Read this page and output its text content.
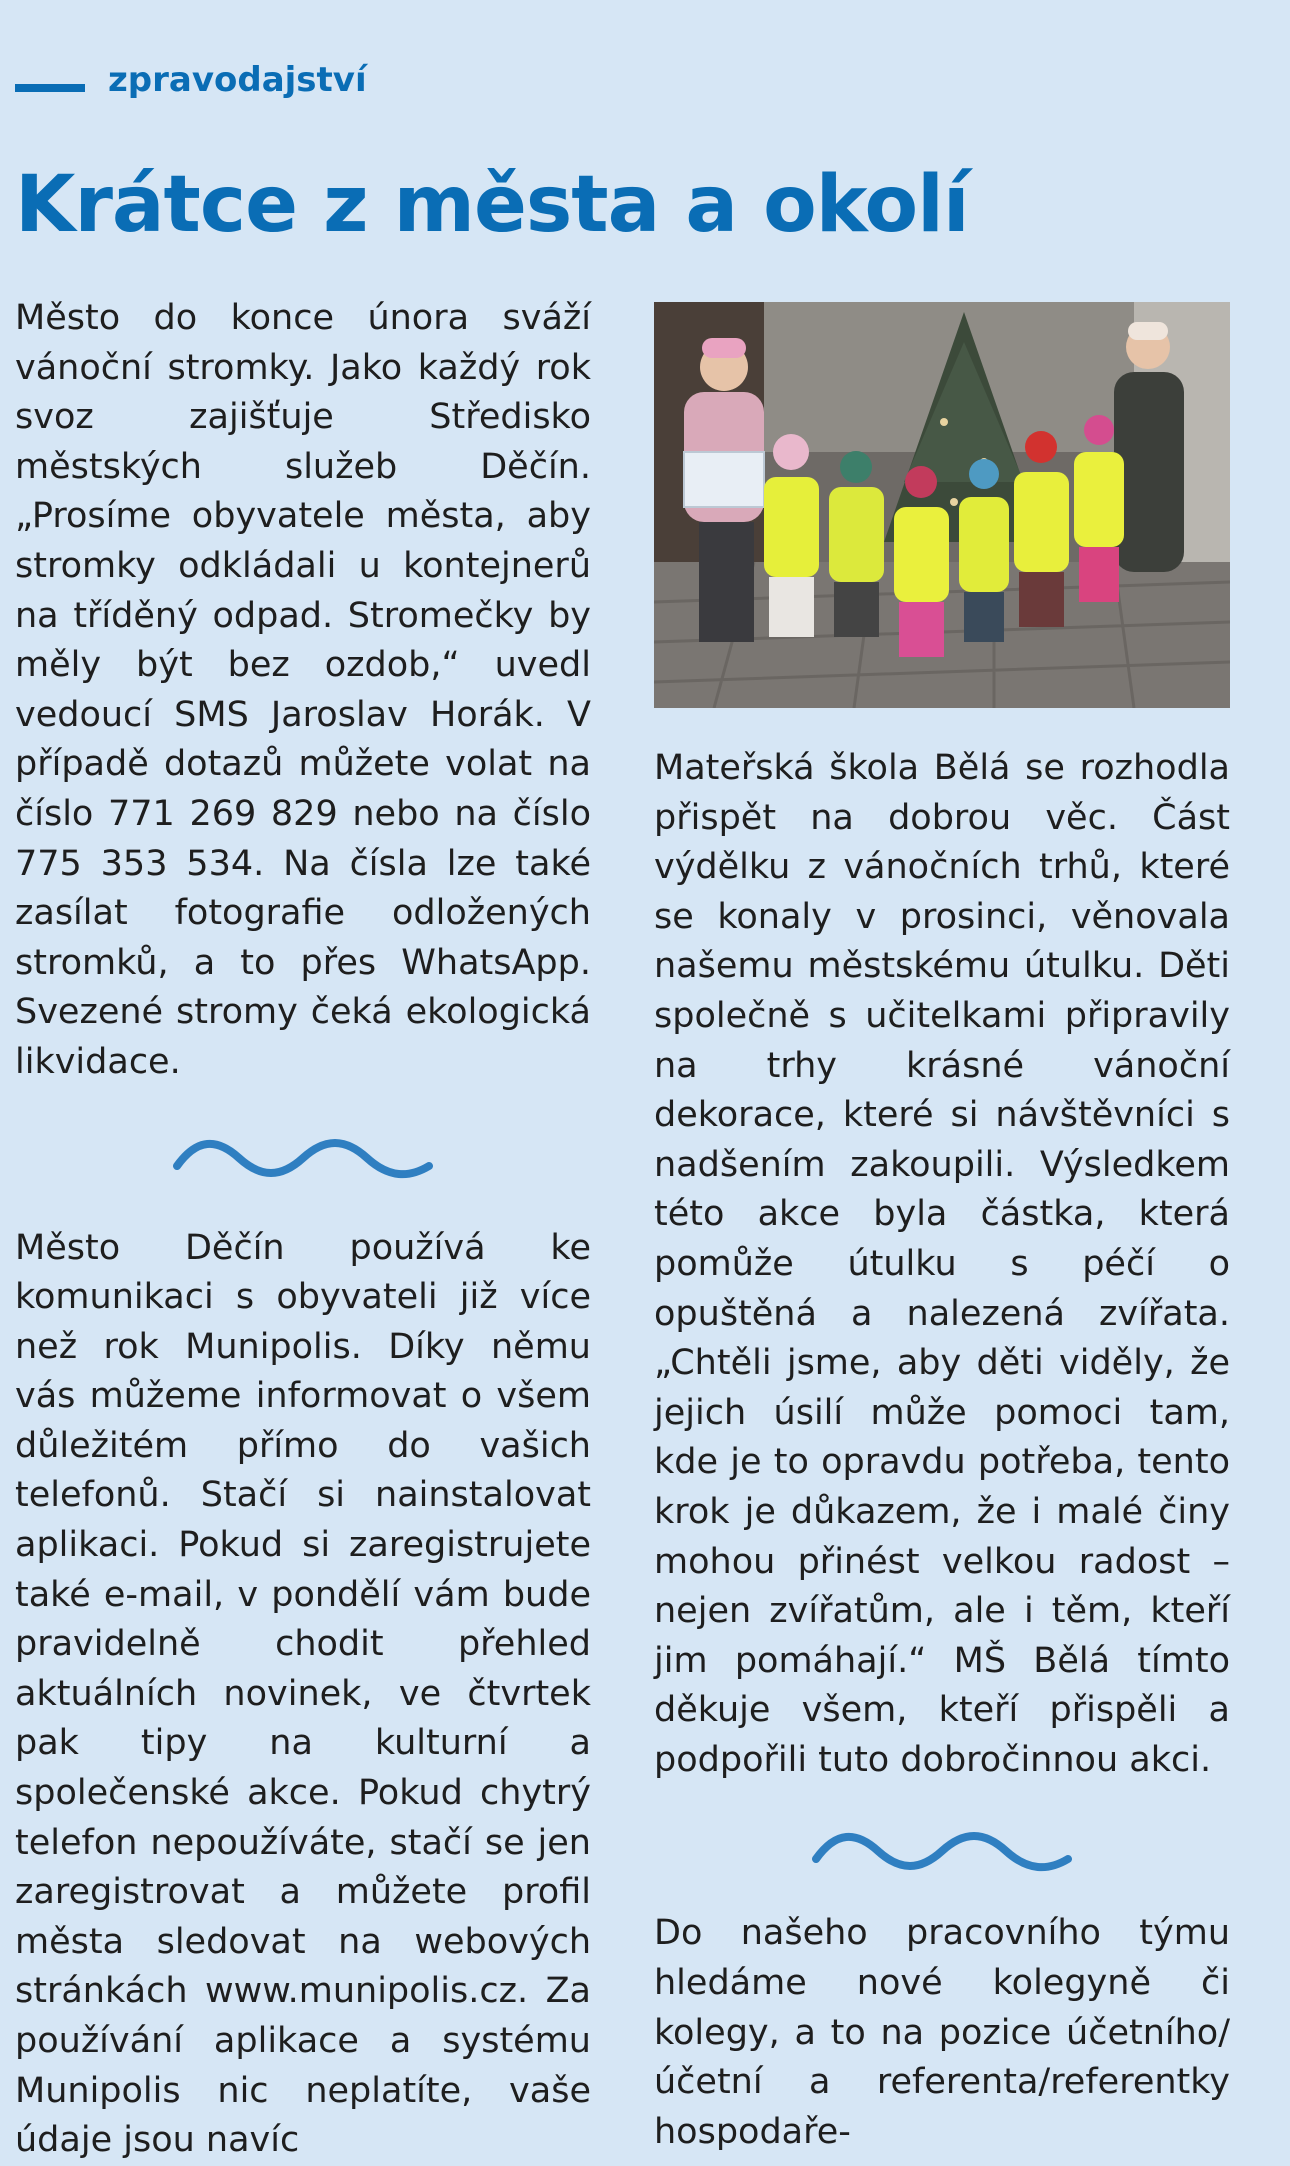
zpravodajství
Krátce z města a okolí

Město do konce února sváží vánoční stromky. Jako každý rok svoz zajišťuje Středisko městských služeb Děčín. „Prosíme obyvatele města, aby stromky odkládali u kontejnerů na tříděný odpad. Stromečky by měly být bez ozdob,“ uvedl vedoucí SMS Jaroslav Horák. V případě dotazů můžete volat na číslo 771 269 829 nebo na číslo 775 353 534. Na čísla lze také zasílat fotografie odložených stromků, a to přes WhatsApp. Svezené stromy čeká ekologická likvidace.

Město Děčín používá ke komunikaci s obyvateli již více než rok Munipolis. Díky němu vás můžeme informovat o všem důležitém přímo do vašich telefonů. Stačí si nainstalovat aplikaci. Pokud si zaregistrujete také e-mail, v pondělí vám bude pravidelně chodit přehled aktuálních novinek, ve čtvrtek pak tipy na kulturní a společenské akce. Pokud chytrý telefon nepoužíváte, stačí se jen zaregistrovat a můžete profil města sledovat na webových stránkách www.munipolis.cz. Za používání aplikace a systému Munipolis nic neplatíte, vaše údaje jsou navíc

Mateřská škola Bělá se rozhodla přispět na dobrou věc. Část výdělku z vánočních trhů, které se konaly v prosinci, věnovala našemu městskému útulku. Děti společně s učitelkami připravily na trhy krásné vánoční dekorace, které si návštěvníci s nadšením zakoupili. Výsledkem této akce byla částka, která pomůže útulku s péčí o opuštěná a nalezená zvířata. „Chtěli jsme, aby děti viděly, že jejich úsilí může pomoci tam, kde je to opravdu potřeba, tento krok je důkazem, že i malé činy mohou přinést velkou radost – nejen zvířatům, ale i těm, kteří jim pomáhají.“ MŠ Bělá tímto děkuje všem, kteří přispěli a podpořili tuto dobročinnou akci.

Do našeho pracovního týmu hledáme nové kolegyně či kolegy, a to na pozice účetního/účetní a referenta/referentky hospodaře-
